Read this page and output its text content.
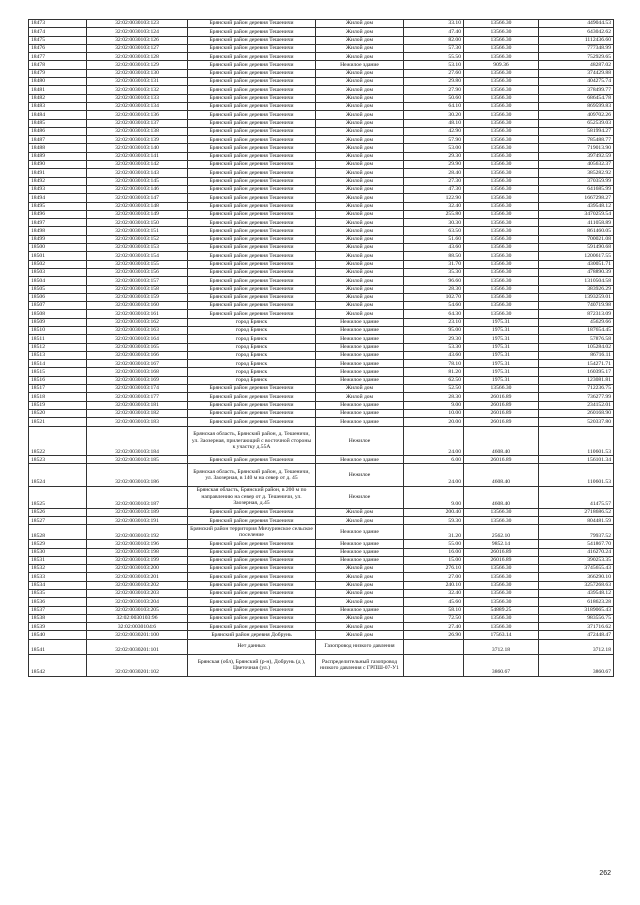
18473	32:02:0030103:123	Брянский район деревня Тешеничи	Жилой дом	33.10	13566.30	449044.53
18474	32:02:0030103:124	Брянский район деревня Тешеничи	Жилой дом	47.40	13566.30	643042.62
18475	32:02:0030103:126	Брянский район деревня Тешеничи	Жилой дом	82.00	13566.30	1112436.60
18476	32:02:0030103:127	Брянский район деревня Тешеничи	Жилой дом	57.30	13566.30	777348.99
18477	32:02:0030103:128	Брянский район деревня Тешеничи	Жилой дом	55.50	13566.30	752929.65
18478	32:02:0030103:129	Брянский район деревня Тешеничи	Нежилое здание	53.10	909.36	48287.02
18479	32:02:0030103:130	Брянский район деревня Тешеничи	Жилой дом	27.60	13566.30	374429.88
18480	32:02:0030103:131	Брянский район деревня Тешеничи	Жилой дом	29.80	13566.30	404275.74
18481	32:02:0030103:132	Брянский район деревня Тешеничи	Жилой дом	27.90	13566.30	378499.77
18482	32:02:0030103:133	Брянский район деревня Тешеничи	Жилой дом	50.60	13566.30	686454.78
18483	32:02:0030103:134	Брянский район деревня Тешеничи	Жилой дом	64.10	13566.30	869599.83
18484	32:02:0030103:136	Брянский район деревня Тешеничи	Жилой дом	30.20	13566.30	409702.26
18485	32:02:0030103:137	Брянский район деревня Тешеничи	Жилой дом	48.10	13566.30	652539.03
18486	32:02:0030103:138	Брянский район деревня Тешеничи	Жилой дом	42.90	13566.30	581994.27
18487	32:02:0030103:139	Брянский район деревня Тешеничи	Жилой дом	57.90	13566.30	785488.77
18488	32:02:0030103:140	Брянский район деревня Тешеничи	Жилой дом	53.00	13566.30	719013.90
18489	32:02:0030103:141	Брянский район деревня Тешеничи	Жилой дом	29.30	13566.30	397492.59
18490	32:02:0030103:142	Брянский район деревня Тешеничи	Жилой дом	29.90	13566.30	405632.37
18491	32:02:0030103:143	Брянский район деревня Тешеничи	Жилой дом	28.40	13566.30	385282.92
18492	32:02:0030103:145	Брянский район деревня Тешеничи	Жилой дом	27.30	13566.30	370359.99
18493	32:02:0030103:146	Брянский район деревня Тешеничи	Жилой дом	47.30	13566.30	641685.99
18494	32:02:0030103:147	Брянский район деревня Тешеничи	Жилой дом	122.90	13566.30	1667298.27
18495	32:02:0030103:148	Брянский район деревня Тешеничи	Жилой дом	32.40	13566.30	439548.12
18496	32:02:0030103:149	Брянский район деревня Тешеничи	Жилой дом	255.80	13566.30	3470259.54
18497	32:02:0030103:150	Брянский район деревня Тешеничи	Жилой дом	30.30	13566.30	411058.89
18498	32:02:0030103:151	Брянский район деревня Тешеничи	Жилой дом	63.50	13566.30	861460.05
18499	32:02:0030103:152	Брянский район деревня Тешеничи	Жилой дом	51.60	13566.30	700021.08
18500	32:02:0030103:153	Брянский район деревня Тешеничи	Жилой дом	43.60	13566.30	591490.68
18501	32:02:0030103:154	Брянский район деревня Тешеничи	Жилой дом	88.50	13566.30	1200617.55
18502	32:02:0030103:155	Брянский район деревня Тешеничи	Жилой дом	31.70	13566.30	430051.71
18503	32:02:0030103:156	Брянский район деревня Тешеничи	Жилой дом	35.30	13566.30	478890.39
18504	32:02:0030103:157	Брянский район деревня Тешеничи	Жилой дом	96.60	13566.30	1310504.58
18505	32:02:0030103:158	Брянский район деревня Тешеничи	Жилой дом	28.30	13566.30	383926.29
18506	32:02:0030103:159	Брянский район деревня Тешеничи	Жилой дом	102.70	13566.30	1393259.01
18507	32:02:0030103:160	Брянский район деревня Тешеничи	Жилой дом	54.60	13566.30	740719.98
18508	32:02:0030103:161	Брянский район деревня Тешеничи	Жилой дом	64.30	13566.30	872313.09
18509	32:02:0030103:162	город Брянск	Нежилое здание	23.10	1975.31	45629.66
18510	32:02:0030103:163	город Брянск	Нежилое здание	95.00	1975.31	187654.45
18511	32:02:0030103:164	город Брянск	Нежилое здание	29.30	1975.31	57876.58
18512	32:02:0030103:165	город Брянск	Нежилое здание	53.30	1975.31	105284.02
18513	32:02:0030103:166	город Брянск	Нежилое здание	43.60	1975.31	86716.11
18514	32:02:0030103:167	город Брянск	Нежилое здание	78.10	1975.31	154271.71
18515	32:02:0030103:168	город Брянск	Нежилое здание	81.20	1975.31	160395.17
18516	32:02:0030103:169	город Брянск	Нежилое здание	62.50	1975.31	123081.81
18517	32:02:0030103:174	Брянский район деревня Тешеничи	Жилой дом	52.50	13566.30	712236.75
18518	32:02:0030103:177	Брянский район деревня Тешеничи	Жилой дом	28.30	26016.89	736277.99
18519	32:02:0030103:181	Брянский район деревня Тешеничи	Нежилое здание	9.00	26016.89	234152.01
18520	32:02:0030103:182	Брянский район деревня Тешеничи	Нежилое здание	10.00	26016.89	260168.90
18521	32:02:0030103:183	Брянский район деревня Тешеничи	Нежилое здание	20.00	26016.89	520337.80
18522	32:02:0030103:184	Брянская область, Брянский район, д. Тешеничи, ул. Заозерная, прилегающий с восточной стороны к участку д.55А	Нежилое	24.00	4608.40	110601.53
18523	32:02:0030103:185	Брянский район деревня Тешеничи	Нежилое здание	6.00	26016.89	156101.34
18524	32:02:0030103:186	Брянская область, Брянский район, д. Тешеничи, ул. Заозерная, в 140 м на север от д. 45	Нежилое	24.00	4608.40	110601.53
18525	32:02:0030103:187	Брянская область, Брянский район, в 200 м по направлению на север от д. Тешеничи, ул. Заозерная, д.45	Нежилое	9.00	4608.40	41475.57
18526	32:02:0030103:189	Брянский район деревня Тешеничи	Жилой дом	200.40	13566.30	2718686.52
18527	32:02:0030103:191	Брянский район деревня Тешеничи	Жилой дом	59.30	13566.30	804481.59
18528	32:02:0030103:192	Брянский район территория Мичуринское сельское поселение	Нежилое здание	31.20	2562.10	79937.52
18529	32:02:0030103:196	Брянский район деревня Тешеничи	Нежилое здание	55.00	9852.14	541867.70
18530	32:02:0030103:198	Брянский район деревня Тешеничи	Нежилое здание	16.00	26016.89	416270.24
18531	32:02:0030103:199	Брянский район деревня Тешеничи	Нежилое здание	15.00	26016.89	390253.35
18532	32:02:0030103:200	Брянский район деревня Тешеничи	Жилой дом	276.10	13566.30	3745655.43
18533	32:02:0030103:201	Брянский район деревня Тешеничи	Жилой дом	27.00	13566.30	366290.10
18534	32:02:0030103:202	Брянский район деревня Тешеничи	Жилой дом	240.10	13566.30	3257268.63
18535	32:02:0030103:203	Брянский район деревня Тешеничи	Жилой дом	32.40	13566.30	439548.12
18536	32:02:0030103:204	Брянский район деревня Тешеничи	Жилой дом	45.60	13566.30	618623.28
18537	32:02:0030103:205	Брянский район деревня Тешеничи	Нежилое здание	58.10	54889.25	3189065.43
18538	32:02:0030103:96	Брянский район деревня Тешеничи	Жилой дом	72.50	13566.30	983556.75
18539	32:02:0030104:6	Брянский район деревня Тешеничи	Жилой дом	27.40	13566.30	371716.62
18540	32:02:0030201:100	Брянский район деревня Добрунь	Жилой дом	26.90	17563.14	472448.47
18541	32:02:0030201:101	Нет данных	Газопровод низкого давления		3712.18	3712.18
18542	32:02:0030201:102	Брянская (обл), Брянский (р-н), Добрунь (д ), Цветочная (ул.)	Распределительный газопровод низкого давления с ГРПШ-07-У1		3860.67	3860.67
262
